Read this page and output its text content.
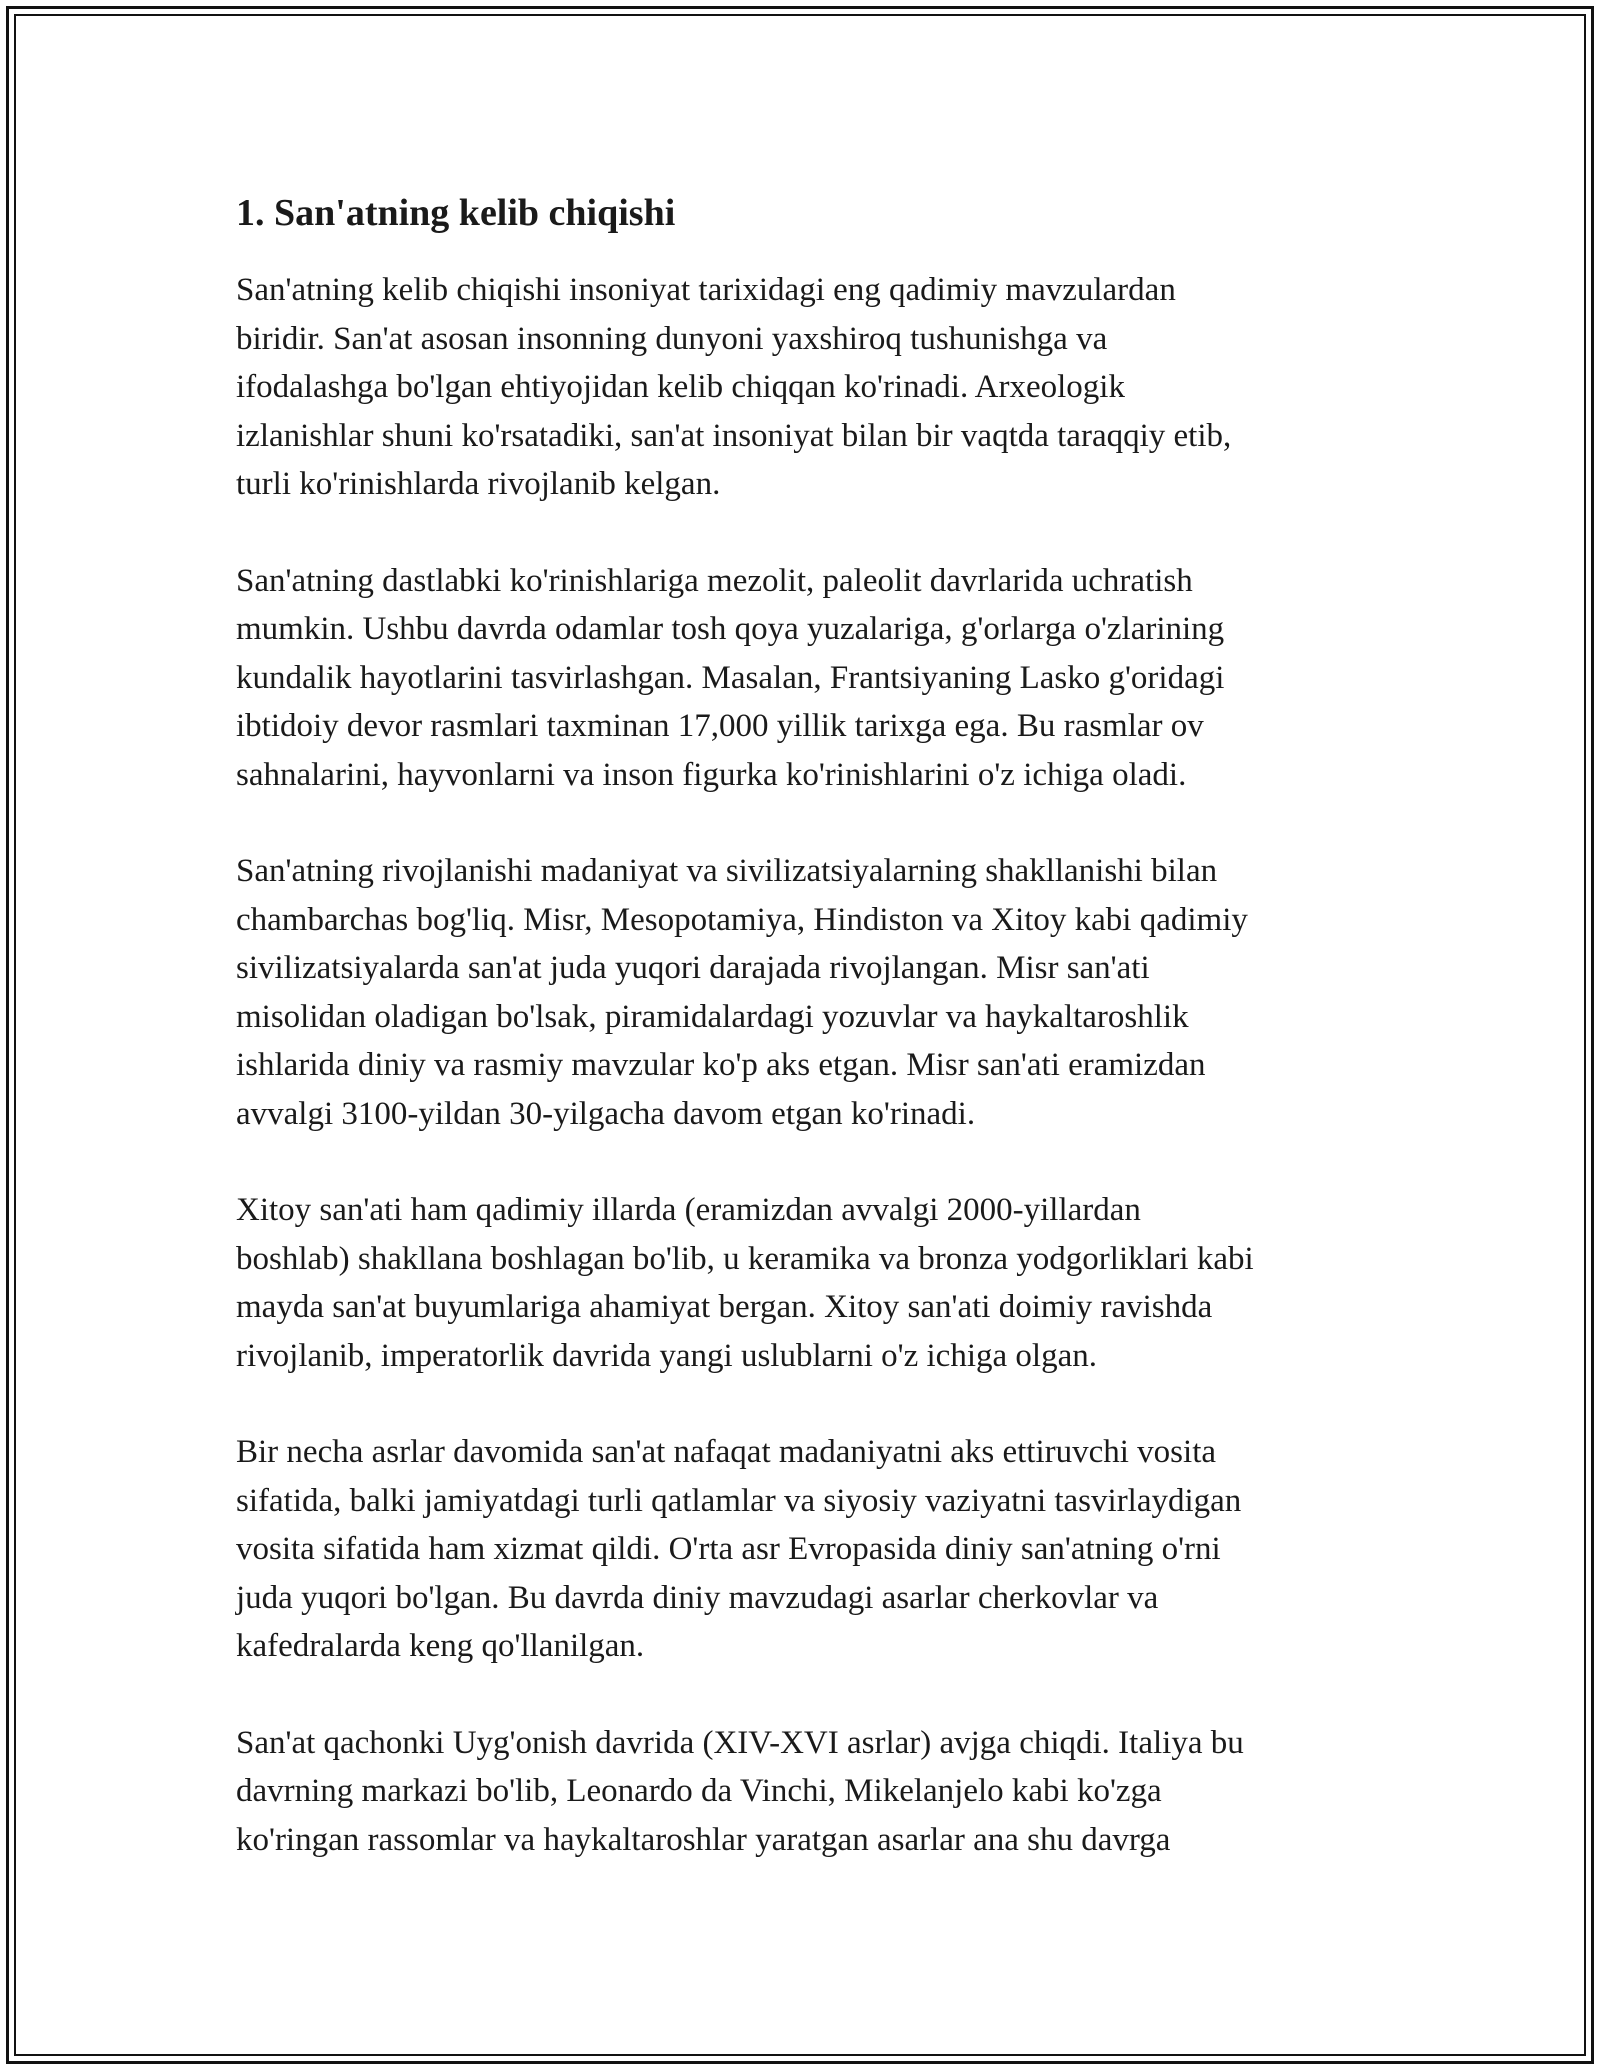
1. San'atning kelib chiqishi

San'atning kelib chiqishi insoniyat tarixidagi eng qadimiy mavzulardan
biridir. San'at asosan insonning dunyoni yaxshiroq tushunishga va
ifodalashga bo'lgan ehtiyojidan kelib chiqqan ko'rinadi. Arxeologik
izlanishlar shuni ko'rsatadiki, san'at insoniyat bilan bir vaqtda taraqqiy etib,
turli ko'rinishlarda rivojlanib kelgan.

San'atning dastlabki ko'rinishlariga mezolit, paleolit davrlarida uchratish
mumkin. Ushbu davrda odamlar tosh qoya yuzalariga, g'orlarga o'zlarining
kundalik hayotlarini tasvirlashgan. Masalan, Frantsiyaning Lasko g'oridagi
ibtidoiy devor rasmlari taxminan 17,000 yillik tarixga ega. Bu rasmlar ov
sahnalarini, hayvonlarni va inson figurka ko'rinishlarini o'z ichiga oladi.

San'atning rivojlanishi madaniyat va sivilizatsiyalarning shakllanishi bilan
chambarchas bog'liq. Misr, Mesopotamiya, Hindiston va Xitoy kabi qadimiy
sivilizatsiyalarda san'at juda yuqori darajada rivojlangan. Misr san'ati
misolidan oladigan bo'lsak, piramidalardagi yozuvlar va haykaltaroshlik
ishlarida diniy va rasmiy mavzular ko'p aks etgan. Misr san'ati eramizdan
avvalgi 3100-yildan 30-yilgacha davom etgan ko'rinadi.

Xitoy san'ati ham qadimiy illarda (eramizdan avvalgi 2000-yillardan
boshlab) shakllana boshlagan bo'lib, u keramika va bronza yodgorliklari kabi
mayda san'at buyumlariga ahamiyat bergan. Xitoy san'ati doimiy ravishda
rivojlanib, imperatorlik davrida yangi uslublarni o'z ichiga olgan.

Bir necha asrlar davomida san'at nafaqat madaniyatni aks ettiruvchi vosita
sifatida, balki jamiyatdagi turli qatlamlar va siyosiy vaziyatni tasvirlaydigan
vosita sifatida ham xizmat qildi. O'rta asr Evropasida diniy san'atning o'rni
juda yuqori bo'lgan. Bu davrda diniy mavzudagi asarlar cherkovlar va
kafedralarda keng qo'llanilgan.

San'at qachonki Uyg'onish davrida (XIV-XVI asrlar) avjga chiqdi. Italiya bu
davrning markazi bo'lib, Leonardo da Vinchi, Mikelanjelo kabi ko'zga
ko'ringan rassomlar va haykaltaroshlar yaratgan asarlar ana shu davrga
